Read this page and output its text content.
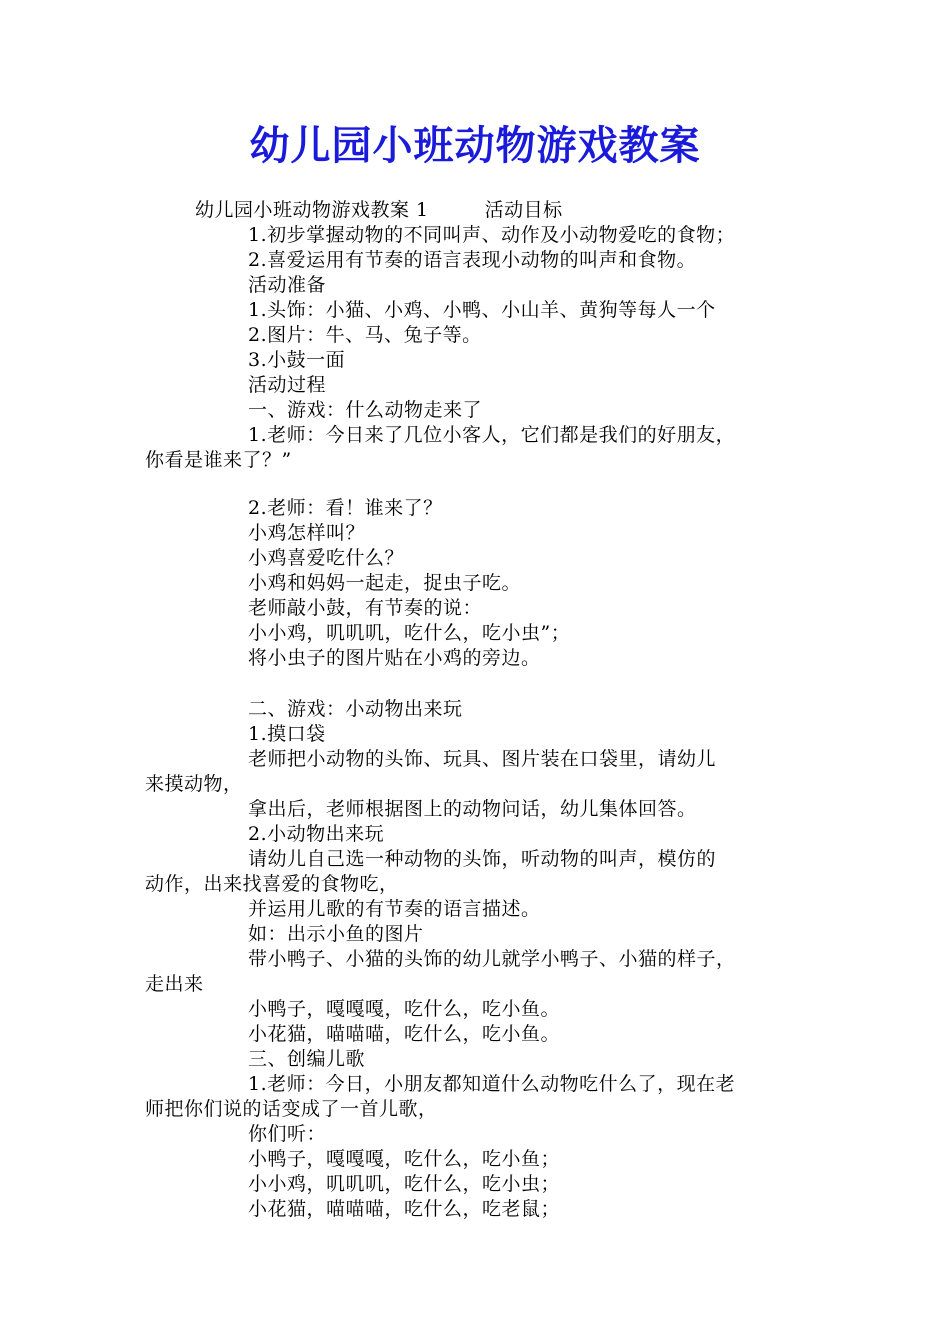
幼儿园小班动物游戏教案
幼儿园小班动物游戏教案 1	活动目标
1.初步掌握动物的不同叫声、动作及小动物爱吃的食物；
2.喜爱运用有节奏的语言表现小动物的叫声和食物。
活动准备
1.头饰：小猫、小鸡、小鸭、小山羊、黄狗等每人一个
2.图片：牛、马、兔子等。
3.小鼓一面
活动过程
一、游戏：什么动物走来了
1.老师：今日来了几位小客人，它们都是我们的好朋友，
你看是谁来了？”
2.老师：看！谁来了？
小鸡怎样叫？
小鸡喜爱吃什么？
小鸡和妈妈一起走，捉虫子吃。
老师敲小鼓，有节奏的说：
小小鸡，叽叽叽，吃什么，吃小虫”；
将小虫子的图片贴在小鸡的旁边。
二、游戏：小动物出来玩
1.摸口袋
老师把小动物的头饰、玩具、图片装在口袋里，请幼儿
来摸动物，
拿出后，老师根据图上的动物问话，幼儿集体回答。
2.小动物出来玩
请幼儿自己选一种动物的头饰，听动物的叫声，模仿的
动作，出来找喜爱的食物吃，
并运用儿歌的有节奏的语言描述。
如：出示小鱼的图片
带小鸭子、小猫的头饰的幼儿就学小鸭子、小猫的样子，
走出来
小鸭子，嘎嘎嘎，吃什么，吃小鱼。
小花猫，喵喵喵，吃什么，吃小鱼。
三、创编儿歌
1.老师：今日，小朋友都知道什么动物吃什么了，现在老
师把你们说的话变成了一首儿歌，
你们听：
小鸭子，嘎嘎嘎，吃什么，吃小鱼；
小小鸡，叽叽叽，吃什么，吃小虫；
小花猫，喵喵喵，吃什么，吃老鼠；
